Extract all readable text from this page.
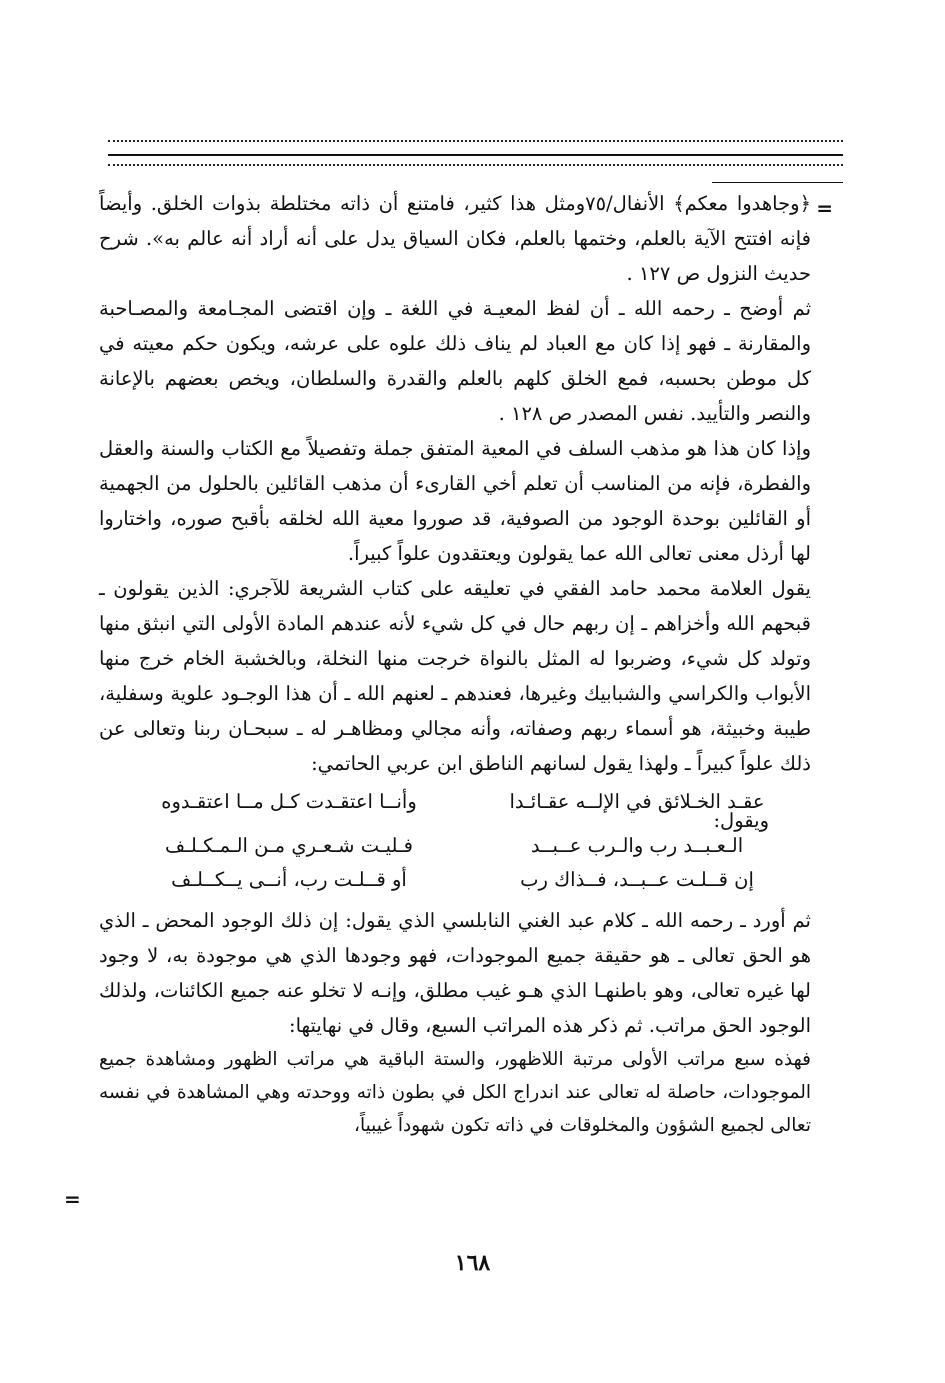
=

﴿وجاهدوا معكم﴾ الأنفال/٧٥ومثل هذا كثير، فامتنع أن ذاته مختلطة بذوات الخلق. وأيضاً فإنه افتتح الآية بالعلم، وختمها بالعلم، فكان السياق يدل على أنه أراد أنه عالم به». شرح حديث النزول ص ١٢٧ .

ثم أوضح ـ رحمه الله ـ أن لفظ المعيـة في اللغة ـ وإن اقتضى المجـامعة والمصـاحبة والمقارنة ـ فهو إذا كان مع العباد لم يناف ذلك علوه على عرشه، ويكون حكم معيته في كل موطن بحسبه، فمع الخلق كلهم بالعلم والقدرة والسلطان، ويخص بعضهم بالإعانة والنصر والتأييد. نفس المصدر ص ١٢٨ .

وإذا كان هذا هو مذهب السلف في المعية المتفق جملة وتفصيلاً مع الكتاب والسنة والعقل والفطرة، فإنه من المناسب أن تعلم أخي القارىء أن مذهب القائلين بالحلول من الجهمية أو القائلين بوحدة الوجود من الصوفية، قد صوروا معية الله لخلقه بأقبح صوره، واختاروا لها أرذل معنى تعالى الله عما يقولون ويعتقدون علواً كبيراً.

يقول العلامة محمد حامد الفقي في تعليقه على كتاب الشريعة للآجري: الذين يقولون ـ قبحهم الله وأخزاهم ـ إن ربهم حال في كل شيء لأنه عندهم المادة الأولى التي انبثق منها وتولد كل شيء، وضربوا له المثل بالنواة خرجت منها النخلة، وبالخشبة الخام خرج منها الأبواب والكراسي والشبابيك وغيرها، فعندهم ـ لعنهم الله ـ أن هذا الوجـود علوية وسفلية، طيبة وخبيثة، هو أسماء ربهم وصفاته، وأنه مجالي ومظاهـر له ـ سبحـان ربنا وتعالى عن ذلك علواً كبيراً ـ ولهذا يقول لسانهم الناطق ابن عربي الحاتمي:

عقـد الخـلائق في الإلــه عقـائـدا
وأنــا اعتقـدت كـل مــا اعتقـدوه
ويقول:
الـعـبــد رب والـرب عــبــد
فـليـت شـعـري مـن الـمـكـلـف
إن قــلـت عــبــد، فــذاك رب
أو قــلـت رب، أنــى يــكــلـف

ثم أورد ـ رحمه الله ـ كلام عبد الغني النابلسي الذي يقول: إن ذلك الوجود المحض ـ الذي هو الحق تعالى ـ هو حقيقة جميع الموجودات، فهو وجودها الذي هي موجودة به، لا وجود لها غيره تعالى، وهو باطنهـا الذي هـو غيب مطلق، وإنـه لا تخلو عنه جميع الكائنات، ولذلك الوجود الحق مراتب. ثم ذكر هذه المراتب السبع، وقال في نهايتها:

فهذه سبع مراتب الأولى مرتبة اللاظهور، والستة الباقية هي مراتب الظهور ومشاهدة جميع الموجودات، حاصلة له تعالى عند اندراج الكل في بطون ذاته ووحدته وهي المشاهدة في نفسه تعالى لجميع الشؤون والمخلوقات في ذاته تكون شهوداً غيبياً،

=
١٦٨
